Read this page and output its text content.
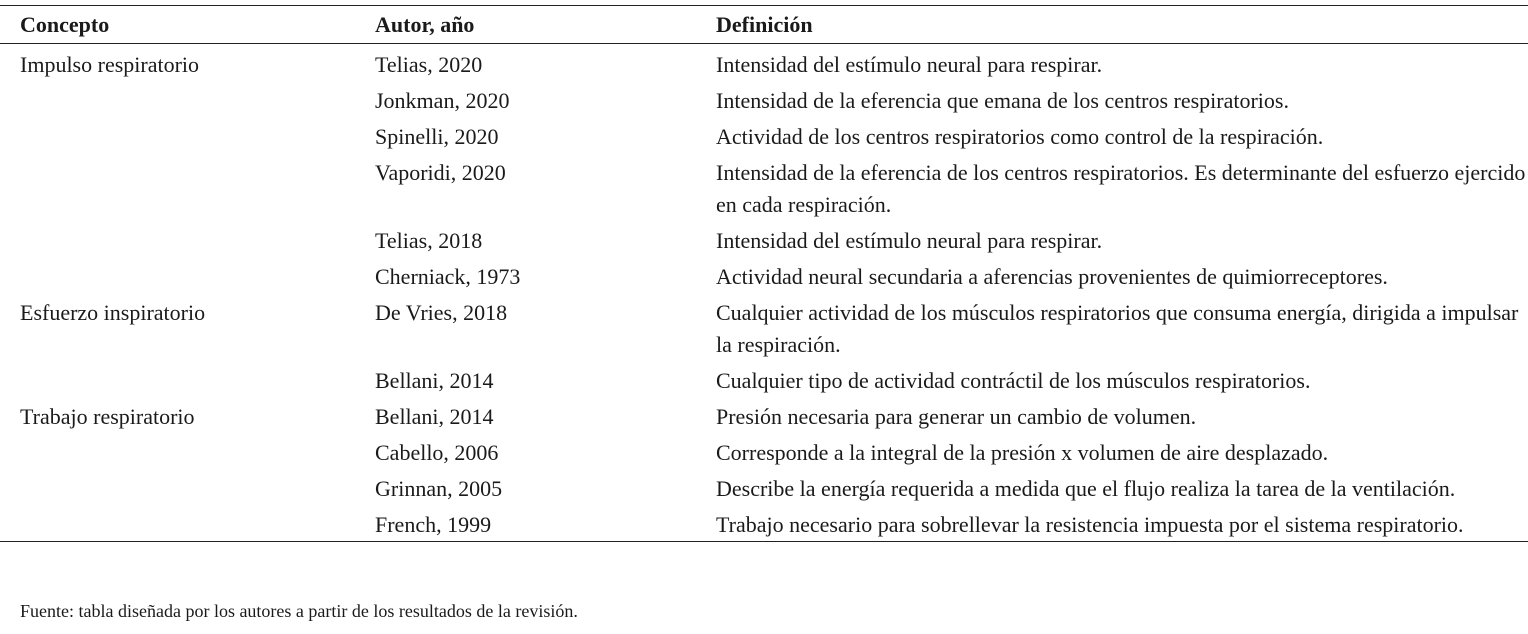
Concepto	Autor, año	Definición
Impulso respiratorio	Telias, 2020	Intensidad del estímulo neural para respirar.
	Jonkman, 2020	Intensidad de la eferencia que emana de los centros respiratorios.
	Spinelli, 2020	Actividad de los centros respiratorios como control de la respiración.
	Vaporidi, 2020	Intensidad de la eferencia de los centros respiratorios. Es determinante del esfuerzo ejercido en cada respiración.
	Telias, 2018	Intensidad del estímulo neural para respirar.
	Cherniack, 1973	Actividad neural secundaria a aferencias provenientes de quimiorreceptores.
Esfuerzo inspiratorio	De Vries, 2018	Cualquier actividad de los músculos respiratorios que consuma energía, dirigida a impulsar la respiración.
	Bellani, 2014	Cualquier tipo de actividad contráctil de los músculos respiratorios.
Trabajo respiratorio	Bellani, 2014	Presión necesaria para generar un cambio de volumen.
	Cabello, 2006	Corresponde a la integral de la presión x volumen de aire desplazado.
	Grinnan, 2005	Describe la energía requerida a medida que el flujo realiza la tarea de la ventilación.
	French, 1999	Trabajo necesario para sobrellevar la resistencia impuesta por el sistema respiratorio.
Fuente: tabla diseñada por los autores a partir de los resultados de la revisión.
